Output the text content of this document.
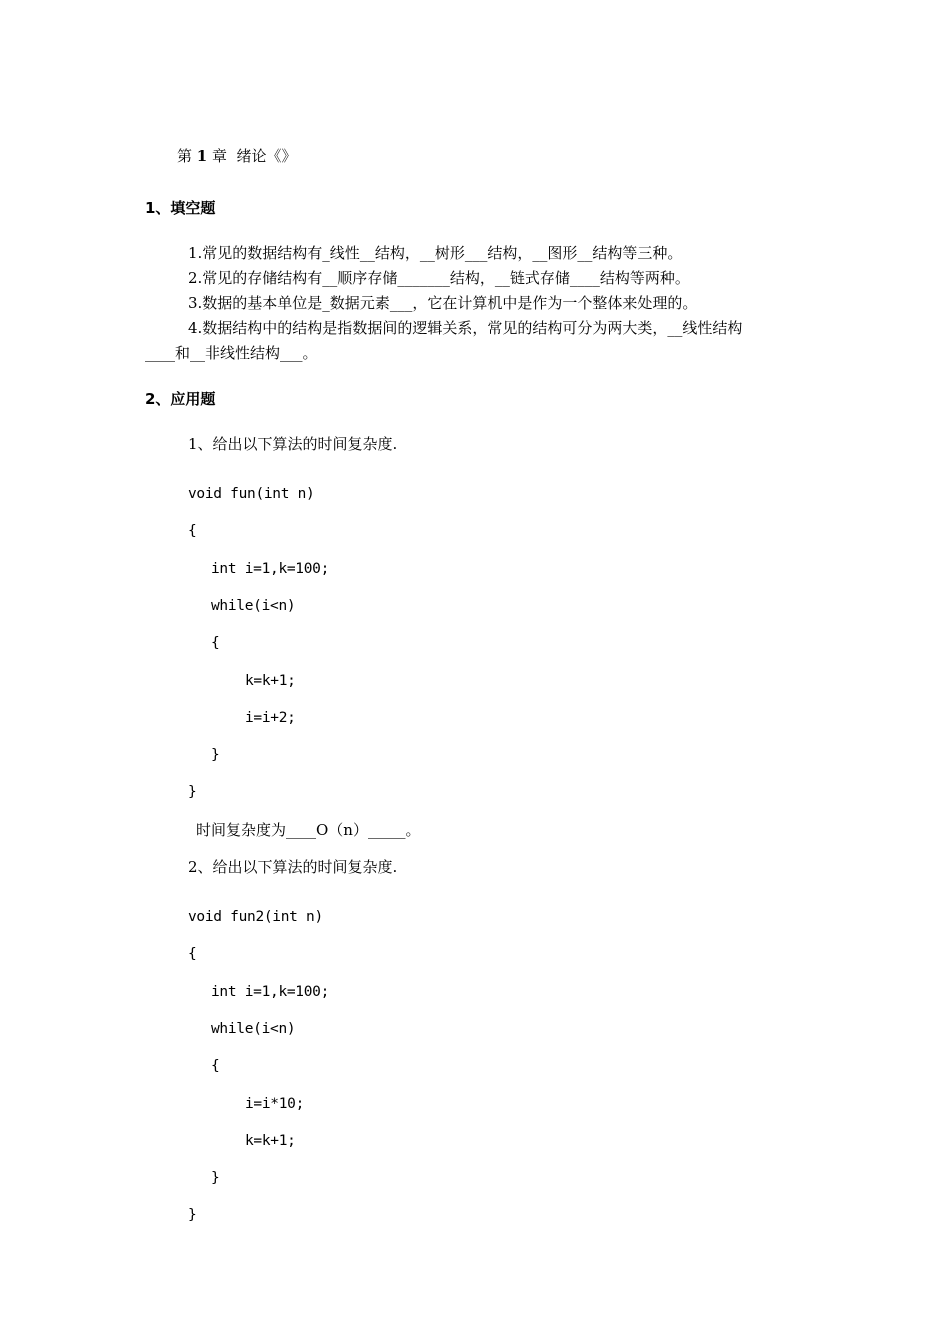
第 1 章  绪论《》
1、填空题
1.常见的数据结构有_线性__结构，__树形___结构，__图形__结构等三种。
2.常见的存储结构有__顺序存储_______结构，__链式存储____结构等两种。
3.数据的基本单位是_数据元素___，它在计算机中是作为一个整体来处理的。
4.数据结构中的结构是指数据间的逻辑关系，常见的结构可分为两大类，__线性结构
____和__非线性结构___。
2、应用题
1、给出以下算法的时间复杂度.
void fun(int n)
{
int i=1,k=100;
while(i<n)
{
k=k+1;
i=i+2;
}
}
时间复杂度为____O（n）_____。
2、给出以下算法的时间复杂度.
void fun2(int n)
{
int i=1,k=100;
while(i<n)
{
i=i*10;
k=k+1;
}
}
